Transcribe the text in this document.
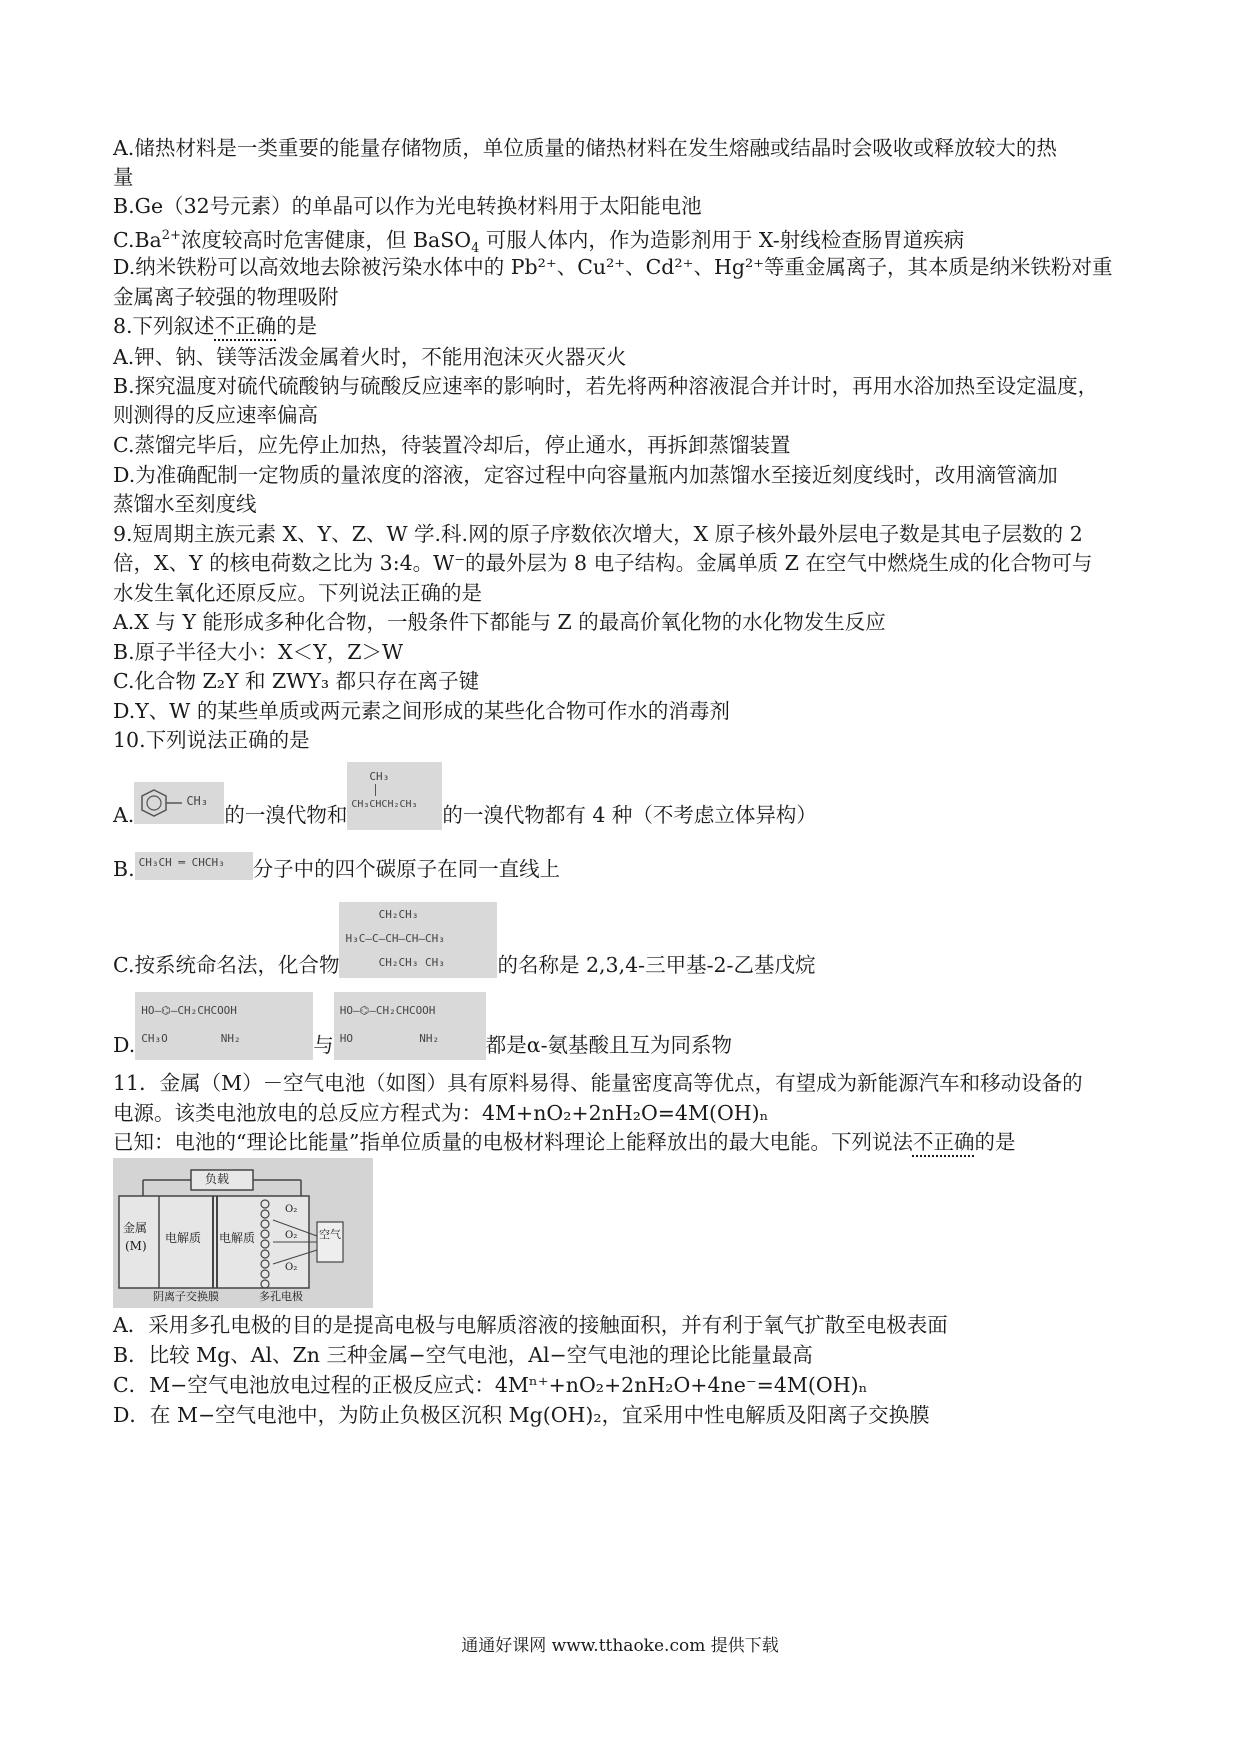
A.储热材料是一类重要的能量存储物质，单位质量的储热材料在发生熔融或结晶时会吸收或释放较大的热
量
B.Ge（32号元素）的单晶可以作为光电转换材料用于太阳能电池
$C.Ba^{2+}$浓度较高时危害健康，但 BaSO$_4$ 可服人体内，作为造影剂用于 X-射线检查肠胃道疾病
D.纳米铁粉可以高效地去除被污染水体中的 Pb²⁺、Cu²⁺、Cd²⁺、Hg²⁺等重金属离子，其本质是纳米铁粉对重
金属离子较强的物理吸附
8.下列叙述不正确的是
A.钾、钠、镁等活泼金属着火时，不能用泡沫灭火器灭火
B.探究温度对硫代硫酸钠与硫酸反应速率的影响时，若先将两种溶液混合并计时，再用水浴加热至设定温度，
则测得的反应速率偏高
C.蒸馏完毕后，应先停止加热，待装置冷却后，停止通水，再拆卸蒸馏装置
D.为准确配制一定物质的量浓度的溶液，定容过程中向容量瓶内加蒸馏水至接近刻度线时，改用滴管滴加
蒸馏水至刻度线
9.短周期主族元素 X、Y、Z、W 学.科.网的原子序数依次增大，X 原子核外最外层电子数是其电子层数的 2
倍，X、Y 的核电荷数之比为 3:4。W⁻的最外层为 8 电子结构。金属单质 Z 在空气中燃烧生成的化合物可与
水发生氧化还原反应。下列说法正确的是
A.X 与 Y 能形成多种化合物，一般条件下都能与 Z 的最高价氧化物的水化物发生反应
B.原子半径大小：X＜Y，Z＞W
C.化合物 Z₂Y 和 ZWY₃ 都只存在离子键
D.Y、W 的某些单质或两元素之间形成的某些化合物可作水的消毒剂
10.下列说法正确的是
A.
CH₃
的一溴代物和
CH₃
CH₃CHCH₂CH₃ 的一溴代物都有 4 种（不考虑立体异构）
B. CH₃CH ═ CHCH₃ 分子中的四个碳原子在同一直线上
C.按系统命名法，化合物
CH₂CH₃
H₃C—C—CH—CH—CH₃
CH₂CH₃ CH₃	的名称是 2,3,4-三甲基-2-乙基戊烷
D.
HO—⌬—CH₂CHCOOH
CH₃O        NH₂	与
HO—⌬—CH₂CHCOOH
HO          NH₂ 都是α-氨基酸且互为同系物
11．金属（M）－空气电池（如图）具有原料易得、能量密度高等优点，有望成为新能源汽车和移动设备的
电源。该类电池放电的总反应方程式为：4M+nO₂+2nH₂O=4M(OH)ₙ
已知：电池的“理论比能量”指单位质量的电极材料理论上能释放出的最大电能。下列说法不正确的是
负载
金属
(M)
电解质 电解质
O₂
O₂
O₂
空气
阴离子交换膜	多孔电极
A．采用多孔电极的目的是提高电极与电解质溶液的接触面积，并有利于氧气扩散至电极表面
B．比较 Mg、Al、Zn 三种金属−空气电池，Al−空气电池的理论比能量最高
C．M−空气电池放电过程的正极反应式：4Mⁿ⁺+nO₂+2nH₂O+4ne⁻=4M(OH)ₙ
D．在 M−空气电池中，为防止负极区沉积 Mg(OH)₂，宜采用中性电解质及阳离子交换膜
通通好课网 www.tthaoke.com 提供下载
